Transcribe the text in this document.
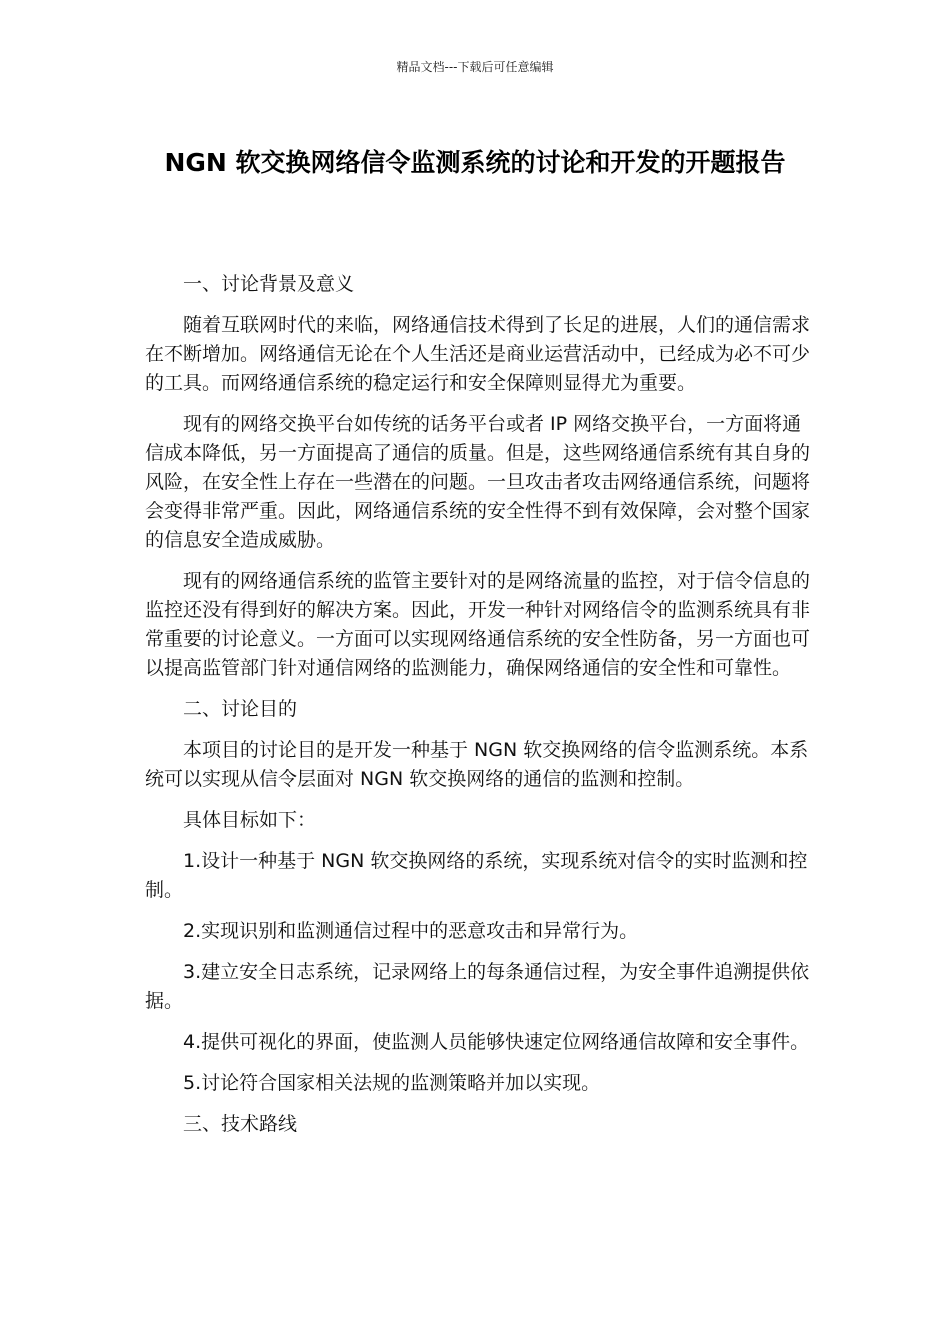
精品文档---下载后可任意编辑
NGN 软交换网络信令监测系统的讨论和开发的开题报告

一、讨论背景及意义

随着互联网时代的来临，网络通信技术得到了长足的进展，人们的通信需求在不断增加。网络通信无论在个人生活还是商业运营活动中，已经成为必不可少的工具。而网络通信系统的稳定运行和安全保障则显得尤为重要。

现有的网络交换平台如传统的话务平台或者 IP 网络交换平台，一方面将通信成本降低，另一方面提高了通信的质量。但是，这些网络通信系统有其自身的风险，在安全性上存在一些潜在的问题。一旦攻击者攻击网络通信系统，问题将会变得非常严重。因此，网络通信系统的安全性得不到有效保障，会对整个国家的信息安全造成威胁。

现有的网络通信系统的监管主要针对的是网络流量的监控，对于信令信息的监控还没有得到好的解决方案。因此，开发一种针对网络信令的监测系统具有非常重要的讨论意义。一方面可以实现网络通信系统的安全性防备，另一方面也可以提高监管部门针对通信网络的监测能力，确保网络通信的安全性和可靠性。

二、讨论目的

本项目的讨论目的是开发一种基于 NGN 软交换网络的信令监测系统。本系统可以实现从信令层面对 NGN 软交换网络的通信的监测和控制。

具体目标如下：

1.设计一种基于 NGN 软交换网络的系统，实现系统对信令的实时监测和控制。

2.实现识别和监测通信过程中的恶意攻击和异常行为。

3.建立安全日志系统，记录网络上的每条通信过程，为安全事件追溯提供依据。

4.提供可视化的界面，使监测人员能够快速定位网络通信故障和安全事件。

5.讨论符合国家相关法规的监测策略并加以实现。

三、技术路线
